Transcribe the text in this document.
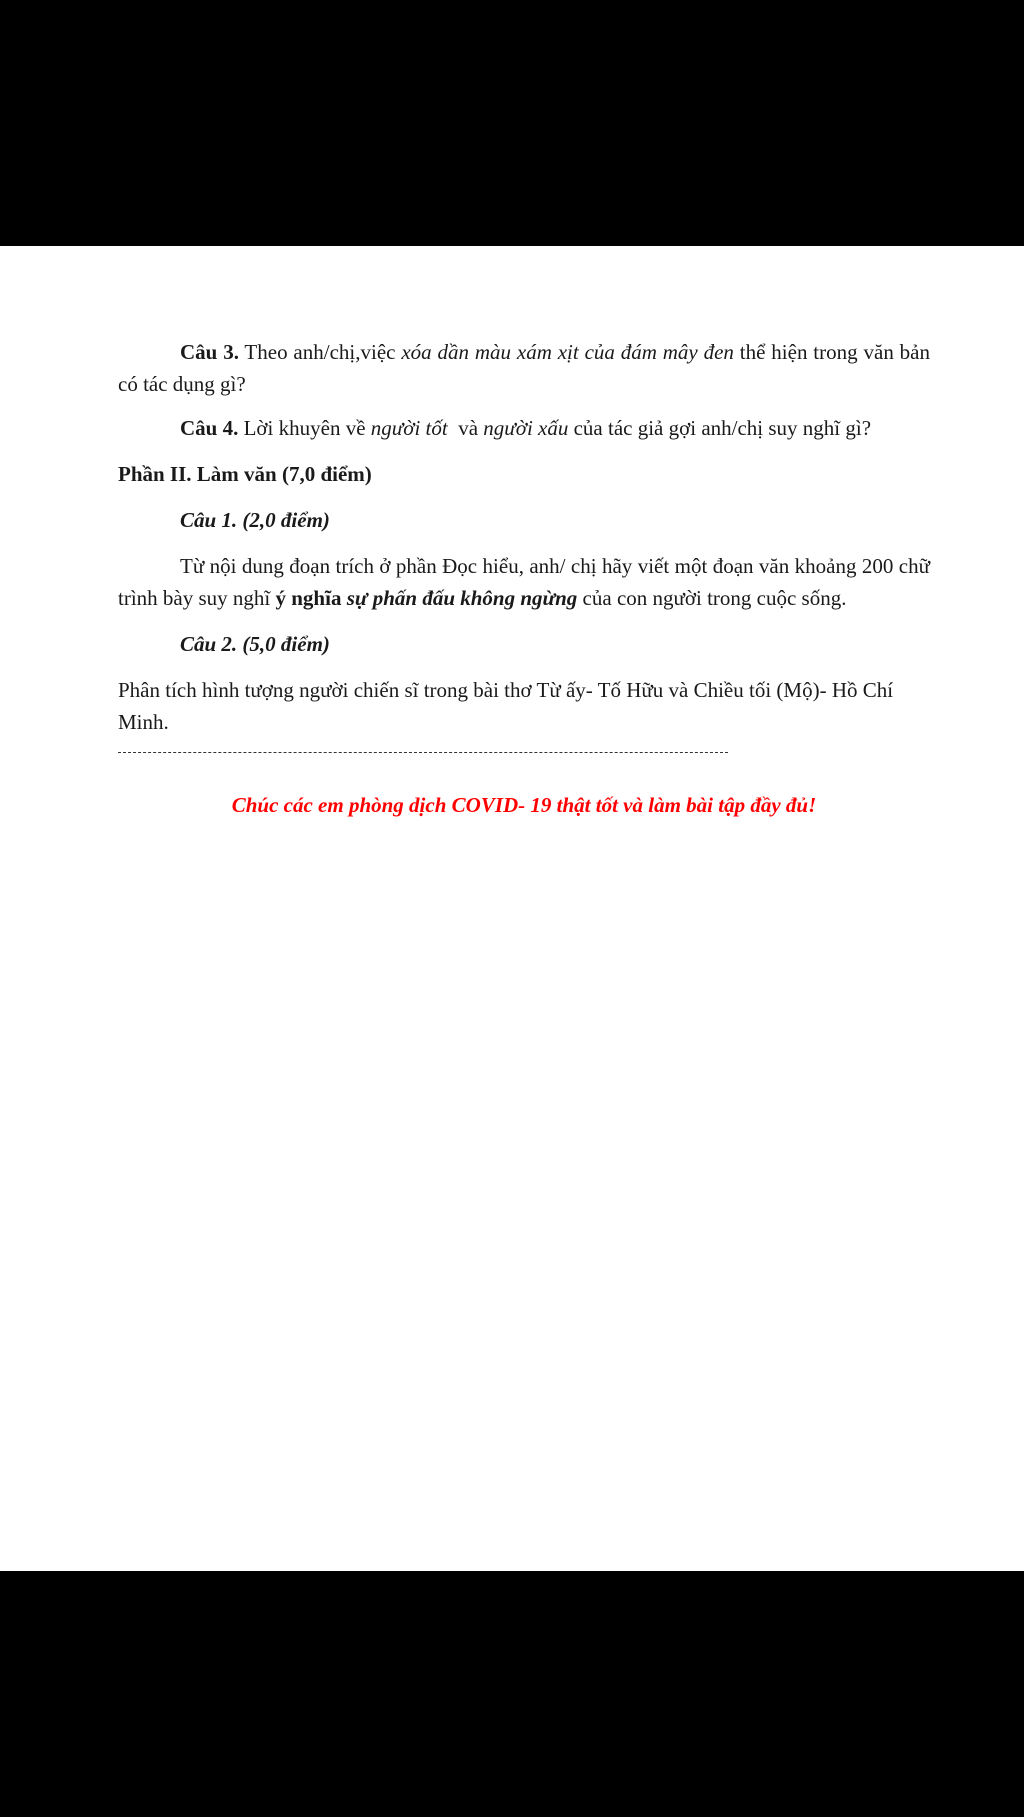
Câu 3. Theo anh/chị,việc xóa dần màu xám xịt của đám mây đen thể hiện trong văn bản có tác dụng gì?

Câu 4. Lời khuyên về người tốt  và người xấu của tác giả gợi anh/chị suy nghĩ gì?

Phần II. Làm văn (7,0 điểm)

Câu 1. (2,0 điểm)

Từ nội dung đoạn trích ở phần Đọc hiểu, anh/ chị hãy viết một đoạn văn khoảng 200 chữ trình bày suy nghĩ ý nghĩa sự phấn đấu không ngừng của con người trong cuộc sống.

Câu 2. (5,0 điểm)

Phân tích hình tượng người chiến sĩ trong bài thơ Từ ấy- Tố Hữu và Chiều tối (Mộ)- Hồ Chí Minh.

Chúc các em phòng dịch COVID- 19 thật tốt và làm bài tập đầy đủ!
